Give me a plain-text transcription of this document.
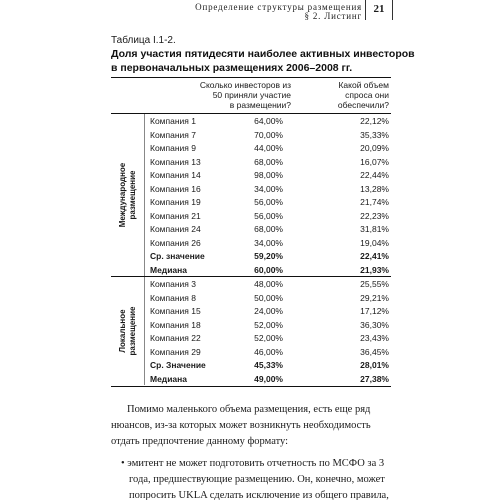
Определение структуры размещения
§ 2. Листинг
21
Таблица I.1-2.
Доля участия пятидесяти наиболее активных инвесторов
в первоначальных размещениях 2006–2008 гг.
Сколько инвесторов из
50 приняли участие
в размещении?
Какой объем
спроса они
обеспечили?
Международное размещение
Компания 1	64,00%	22,12%
Компания 7	70,00%	35,33%
Компания 9	44,00%	20,09%
Компания 13	68,00%	16,07%
Компания 14	98,00%	22,44%
Компания 16	34,00%	13,28%
Компания 19	56,00%	21,74%
Компания 21	56,00%	22,23%
Компания 24	68,00%	31,81%
Компания 26	34,00%	19,04%
Ср. значение	59,20%	22,41%
Медиана	60,00%	21,93%
Локальное размещение
Компания 3	48,00%	25,55%
Компания 8	50,00%	29,21%
Компания 15	24,00%	17,12%
Компания 18	52,00%	36,30%
Компания 22	52,00%	23,43%
Компания 29	46,00%	36,45%
Ср. Значение	45,33%	28,01%
Медиана	49,00%	27,38%
Помимо маленького объема размещения, есть еще ряд
нюансов, из-за которых может возникнуть необходимость
отдать предпочтение данному формату:
• эмитент не может подготовить отчетность по МСФО за 3
года, предшествующие размещению. Он, конечно, может
попросить UKLA сделать исключение из общего правила,
